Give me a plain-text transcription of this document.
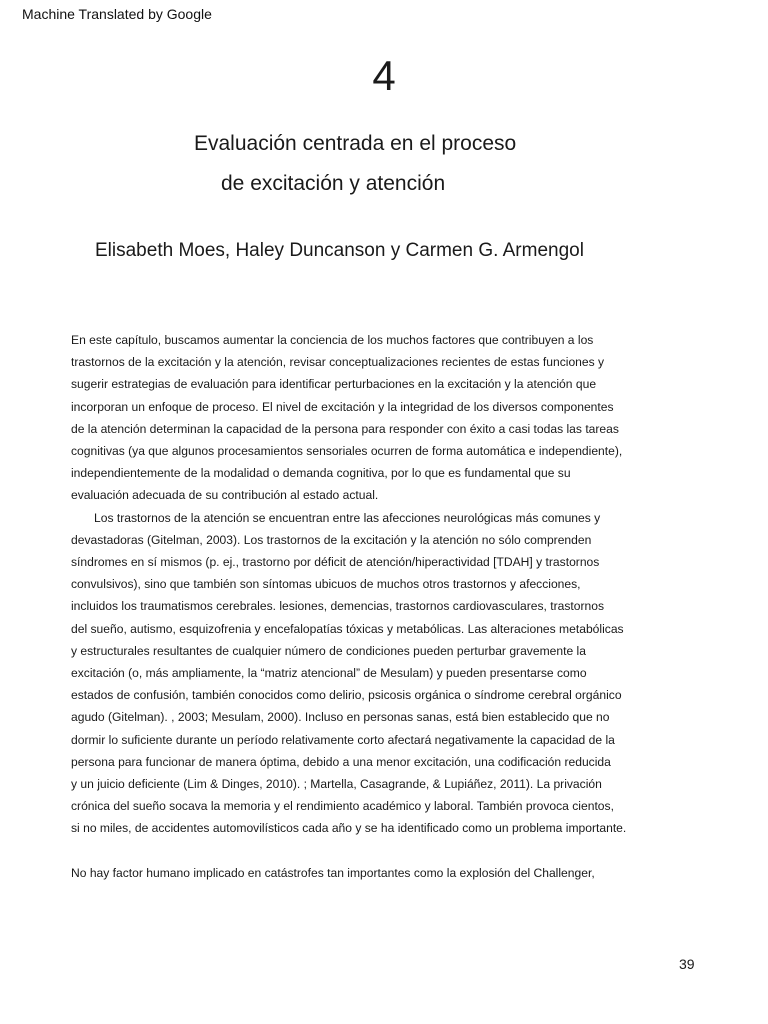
Machine Translated by Google
4
Evaluación centrada en el proceso
de excitación y atención
Elisabeth Moes, Haley Duncanson y Carmen G. Armengol
En este capítulo, buscamos aumentar la conciencia de los muchos factores que contribuyen a los
trastornos de la excitación y la atención, revisar conceptualizaciones recientes de estas funciones y
sugerir estrategias de evaluación para identificar perturbaciones en la excitación y la atención que
incorporan un enfoque de proceso. El nivel de excitación y la integridad de los diversos componentes
de la atención determinan la capacidad de la persona para responder con éxito a casi todas las tareas
cognitivas (ya que algunos procesamientos sensoriales ocurren de forma automática e independiente),
independientemente de la modalidad o demanda cognitiva, por lo que es fundamental que su
evaluación adecuada de su contribución al estado actual.
Los trastornos de la atención se encuentran entre las afecciones neurológicas más comunes y
devastadoras (Gitelman, 2003). Los trastornos de la excitación y la atención no sólo comprenden
síndromes en sí mismos (p. ej., trastorno por déficit de atención/hiperactividad [TDAH] y trastornos
convulsivos), sino que también son síntomas ubicuos de muchos otros trastornos y afecciones,
incluidos los traumatismos cerebrales. lesiones, demencias, trastornos cardiovasculares, trastornos
del sueño, autismo, esquizofrenia y encefalopatías tóxicas y metabólicas. Las alteraciones metabólicas
y estructurales resultantes de cualquier número de condiciones pueden perturbar gravemente la
excitación (o, más ampliamente, la “matriz atencional” de Mesulam) y pueden presentarse como
estados de confusión, también conocidos como delirio, psicosis orgánica o síndrome cerebral orgánico
agudo (Gitelman). , 2003; Mesulam, 2000). Incluso en personas sanas, está bien establecido que no
dormir lo suficiente durante un período relativamente corto afectará negativamente la capacidad de la
persona para funcionar de manera óptima, debido a una menor excitación, una codificación reducida
y un juicio deficiente (Lim & Dinges, 2010). ; Martella, Casagrande, & Lupiáñez, 2011). La privación
crónica del sueño socava la memoria y el rendimiento académico y laboral. También provoca cientos,
si no miles, de accidentes automovilísticos cada año y se ha identificado como un problema importante.
No hay factor humano implicado en catástrofes tan importantes como la explosión del Challenger,
39
